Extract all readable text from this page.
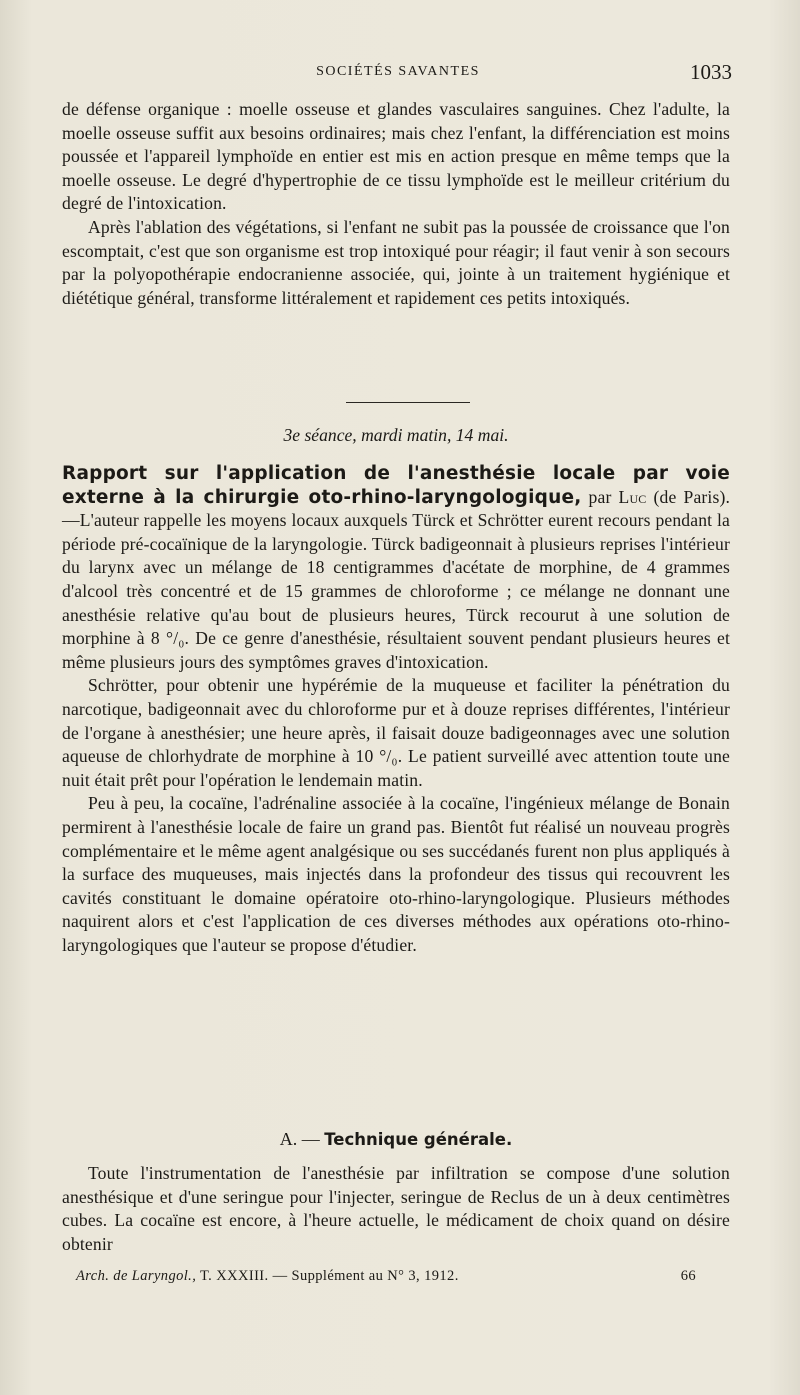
SOCIÉTÉS SAVANTES	1033

de défense organique : moelle osseuse et glandes vasculaires sanguines. Chez l'adulte, la moelle osseuse suffit aux besoins ordinaires; mais chez l'enfant, la différenciation est moins poussée et l'appareil lymphoïde en entier est mis en action presque en même temps que la moelle osseuse. Le degré d'hypertrophie de ce tissu lymphoïde est le meilleur critérium du degré de l'intoxication.

Après l'ablation des végétations, si l'enfant ne subit pas la poussée de croissance que l'on escomptait, c'est que son organisme est trop intoxiqué pour réagir; il faut venir à son secours par la polyopothérapie endocranienne associée, qui, jointe à un traitement hygiénique et diététique général, transforme littéralement et rapidement ces petits intoxiqués.

3e séance, mardi matin, 14 mai.

Rapport sur l'application de l'anesthésie locale par voie externe à la chirurgie oto-rhino-laryngologique, par Luc (de Paris). —L'auteur rappelle les moyens locaux auxquels Türck et Schrötter eurent recours pendant la période pré-cocaïnique de la laryngologie. Türck badigeonnait à plusieurs reprises l'intérieur du larynx avec un mélange de 18 centigrammes d'acétate de morphine, de 4 grammes d'alcool très concentré et de 15 grammes de chloroforme ; ce mélange ne donnant une anesthésie relative qu'au bout de plusieurs heures, Türck recourut à une solution de morphine à 8 °/₀. De ce genre d'anesthésie, résultaient souvent pendant plusieurs heures et même plusieurs jours des symptômes graves d'intoxication.

Schrötter, pour obtenir une hypérémie de la muqueuse et faciliter la pénétration du narcotique, badigeonnait avec du chloroforme pur et à douze reprises différentes, l'intérieur de l'organe à anesthésier; une heure après, il faisait douze badigeonnages avec une solution aqueuse de chlorhydrate de morphine à 10 °/₀. Le patient surveillé avec attention toute une nuit était prêt pour l'opération le lendemain matin.

Peu à peu, la cocaïne, l'adrénaline associée à la cocaïne, l'ingénieux mélange de Bonain permirent à l'anesthésie locale de faire un grand pas. Bientôt fut réalisé un nouveau progrès complémentaire et le même agent analgésique ou ses succédanés furent non plus appliqués à la surface des muqueuses, mais injectés dans la profondeur des tissus qui recouvrent les cavités constituant le domaine opératoire oto-rhino-laryngologique. Plusieurs méthodes naquirent alors et c'est l'application de ces diverses méthodes aux opérations oto-rhino-laryngologiques que l'auteur se propose d'étudier.

A. — Technique générale.

Toute l'instrumentation de l'anesthésie par infiltration se compose d'une solution anesthésique et d'une seringue pour l'injecter, seringue de Reclus de un à deux centimètres cubes. La cocaïne est encore, à l'heure actuelle, le médicament de choix quand on désire obtenir

Arch. de Laryngol., T. XXXIII. — Supplément au N° 3, 1912.	66
